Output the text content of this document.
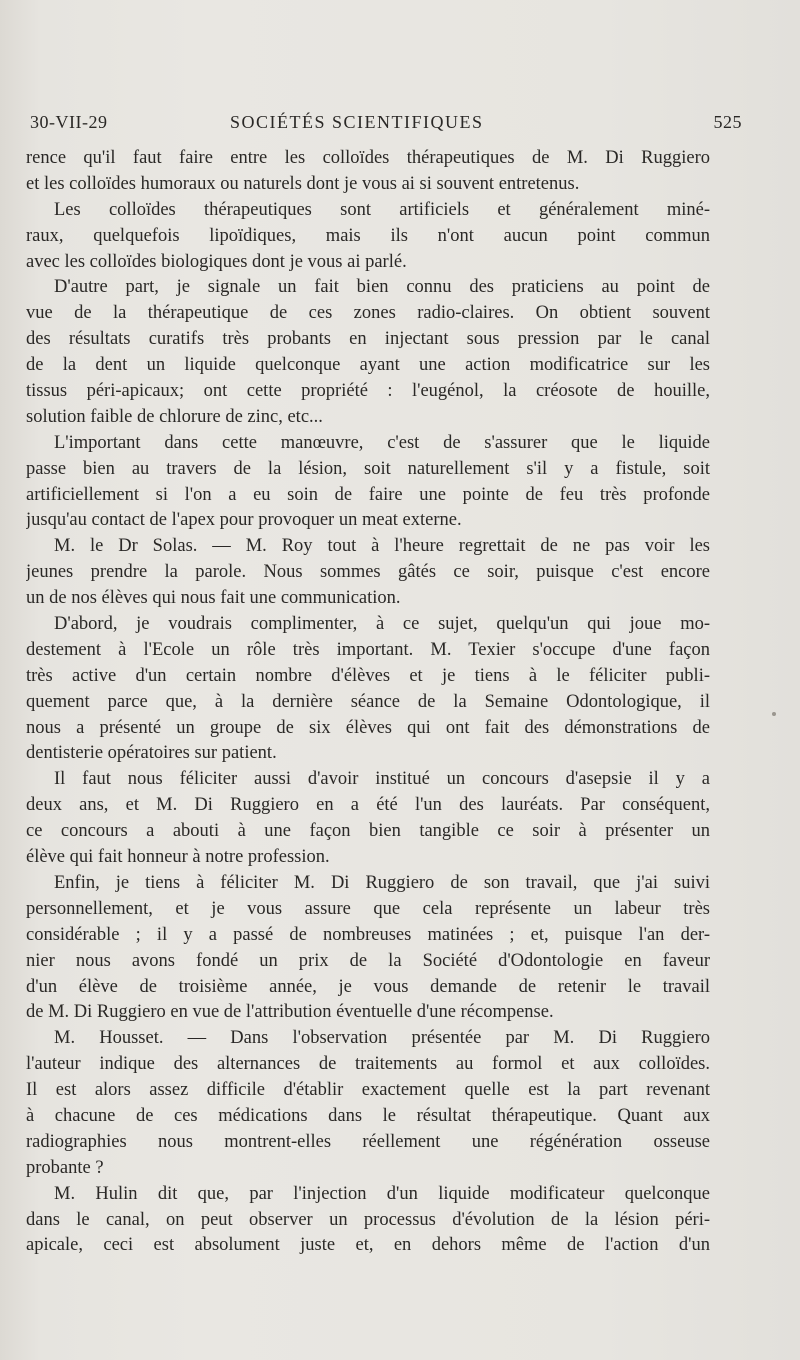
30-VII-29	SOCIÉTÉS SCIENTIFIQUES	525
rence qu'il faut faire entre les colloïdes thérapeutiques de M. Di Ruggiero
et les colloïdes humoraux ou naturels dont je vous ai si souvent entretenus.
Les colloïdes thérapeutiques sont artificiels et généralement miné-
raux, quelquefois lipoïdiques, mais ils n'ont aucun point commun
avec les colloïdes biologiques dont je vous ai parlé.
D'autre part, je signale un fait bien connu des praticiens au point de
vue de la thérapeutique de ces zones radio-claires. On obtient souvent
des résultats curatifs très probants en injectant sous pression par le canal
de la dent un liquide quelconque ayant une action modificatrice sur les
tissus péri-apicaux; ont cette propriété : l'eugénol, la créosote de houille,
solution faible de chlorure de zinc, etc...
L'important dans cette manœuvre, c'est de s'assurer que le liquide
passe bien au travers de la lésion, soit naturellement s'il y a fistule, soit
artificiellement si l'on a eu soin de faire une pointe de feu très profonde
jusqu'au contact de l'apex pour provoquer un meat externe.
M. le Dr Solas. — M. Roy tout à l'heure regrettait de ne pas voir les
jeunes prendre la parole. Nous sommes gâtés ce soir, puisque c'est encore
un de nos élèves qui nous fait une communication.
D'abord, je voudrais complimenter, à ce sujet, quelqu'un qui joue mo-
destement à l'Ecole un rôle très important. M. Texier s'occupe d'une façon
très active d'un certain nombre d'élèves et je tiens à le féliciter publi-
quement parce que, à la dernière séance de la Semaine Odontologique, il
nous a présenté un groupe de six élèves qui ont fait des démonstrations de
dentisterie opératoires sur patient.
Il faut nous féliciter aussi d'avoir institué un concours d'asepsie il y a
deux ans, et M. Di Ruggiero en a été l'un des lauréats. Par conséquent,
ce concours a abouti à une façon bien tangible ce soir à présenter un
élève qui fait honneur à notre profession.
Enfin, je tiens à féliciter M. Di Ruggiero de son travail, que j'ai suivi
personnellement, et je vous assure que cela représente un labeur très
considérable ; il y a passé de nombreuses matinées ; et, puisque l'an der-
nier nous avons fondé un prix de la Société d'Odontologie en faveur
d'un élève de troisième année, je vous demande de retenir le travail
de M. Di Ruggiero en vue de l'attribution éventuelle d'une récompense.
M. Housset. — Dans l'observation présentée par M. Di Ruggiero
l'auteur indique des alternances de traitements au formol et aux colloïdes.
Il est alors assez difficile d'établir exactement quelle est la part revenant
à chacune de ces médications dans le résultat thérapeutique. Quant aux
radiographies nous montrent-elles réellement une régénération osseuse
probante ?
M. Hulin dit que, par l'injection d'un liquide modificateur quelconque
dans le canal, on peut observer un processus d'évolution de la lésion péri-
apicale, ceci est absolument juste et, en dehors même de l'action d'un
